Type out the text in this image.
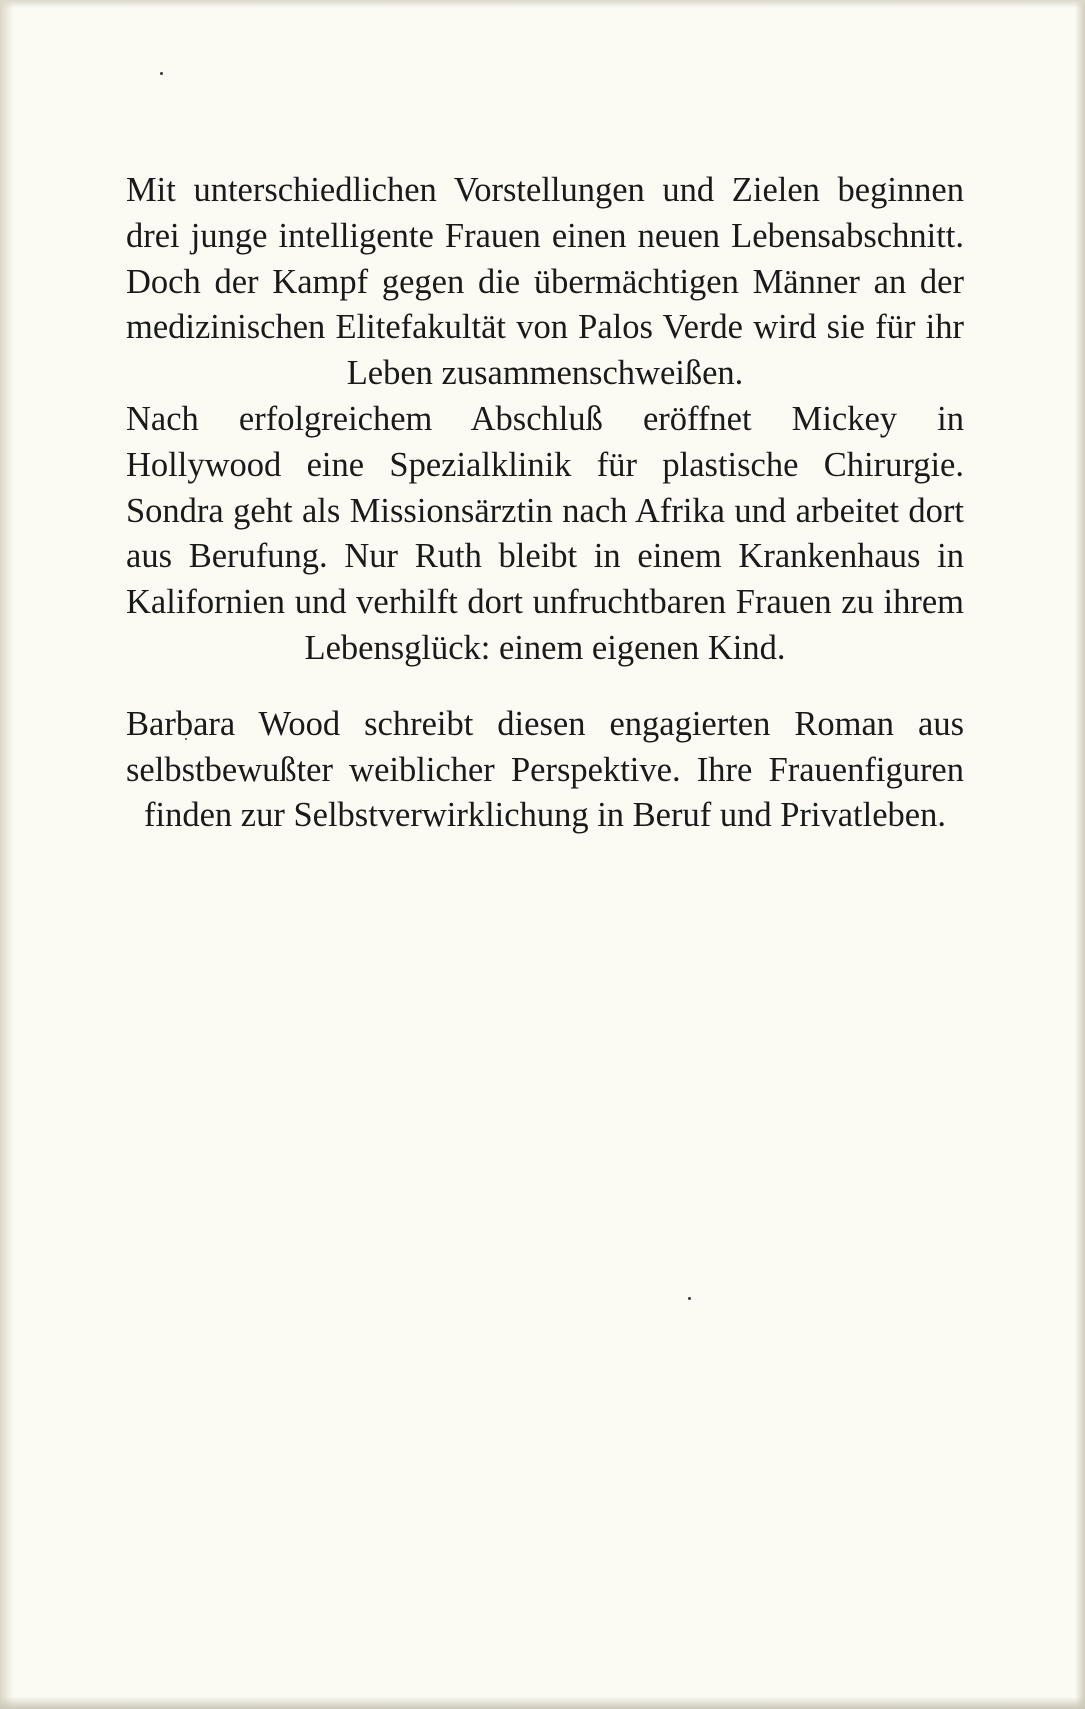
Mit unterschiedlichen Vorstellungen und Zielen beginnen drei junge intelligente Frauen einen neuen Lebensabschnitt. Doch der Kampf gegen die übermächtigen Männer an der medizinischen Elitefakultät von Palos Verde wird sie für ihr Leben zusammenschweißen.

Nach erfolgreichem Abschluß eröffnet Mickey in Hollywood eine Spezialklinik für plastische Chirurgie. Sondra geht als Missionsärztin nach Afrika und arbeitet dort aus Berufung. Nur Ruth bleibt in einem Krankenhaus in Kalifornien und verhilft dort unfruchtbaren Frauen zu ihrem Lebensglück: einem eigenen Kind.

Barbara Wood schreibt diesen engagierten Roman aus selbstbewußter weiblicher Perspektive. Ihre Frauenfiguren finden zur Selbstverwirklichung in Beruf und Privatleben.
